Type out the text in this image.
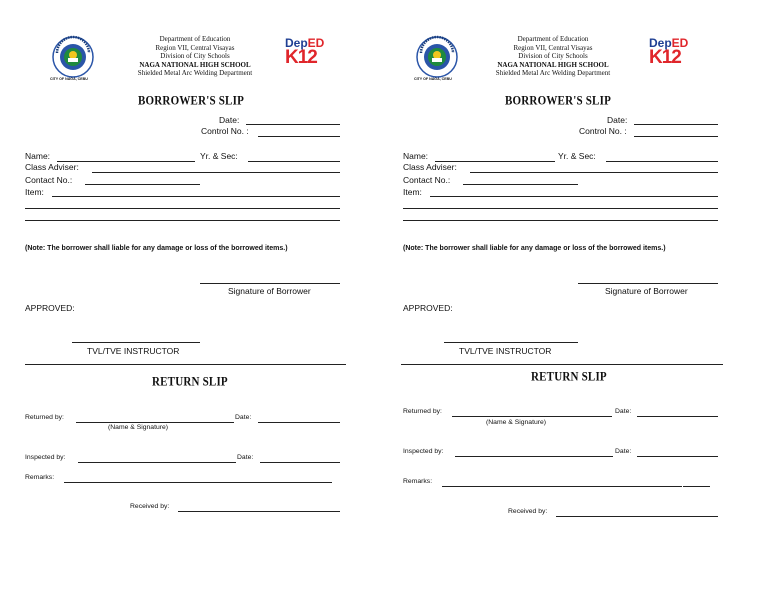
CITY OF NAGA, CEBU
Department of Education
Region VII, Central Visayas
Division of City Schools
NAGA NATIONAL HIGH SCHOOL
Shielded Metal Arc Welding Department
DepED
K12
BORROWER'S SLIP
Date:
Control No. :
Name:	Yr. & Sec:
Class Adviser:
Contact No.:
Item:
(Note: The borrower shall liable for any damage or loss of the borrowed items.)
Signature of Borrower
APPROVED:
TVL/TVE INSTRUCTOR
RETURN SLIP
Returned by:	Date:
(Name & Signature)
Inspected by:	Date:
Remarks:
Received by:
CITY OF NAGA, CEBU
Department of Education
Region VII, Central Visayas
Division of City Schools
NAGA NATIONAL HIGH SCHOOL
Shielded Metal Arc Welding Department
DepED
K12
BORROWER'S SLIP
Date:
Control No. :
Name:	Yr. & Sec:
Class Adviser:
Contact No.:
Item:
(Note: The borrower shall liable for any damage or loss of the borrowed items.)
Signature of Borrower
APPROVED:
TVL/TVE INSTRUCTOR
RETURN SLIP
Returned by:	Date:
(Name & Signature)
Inspected by:	Date:
Remarks:
Received by:
